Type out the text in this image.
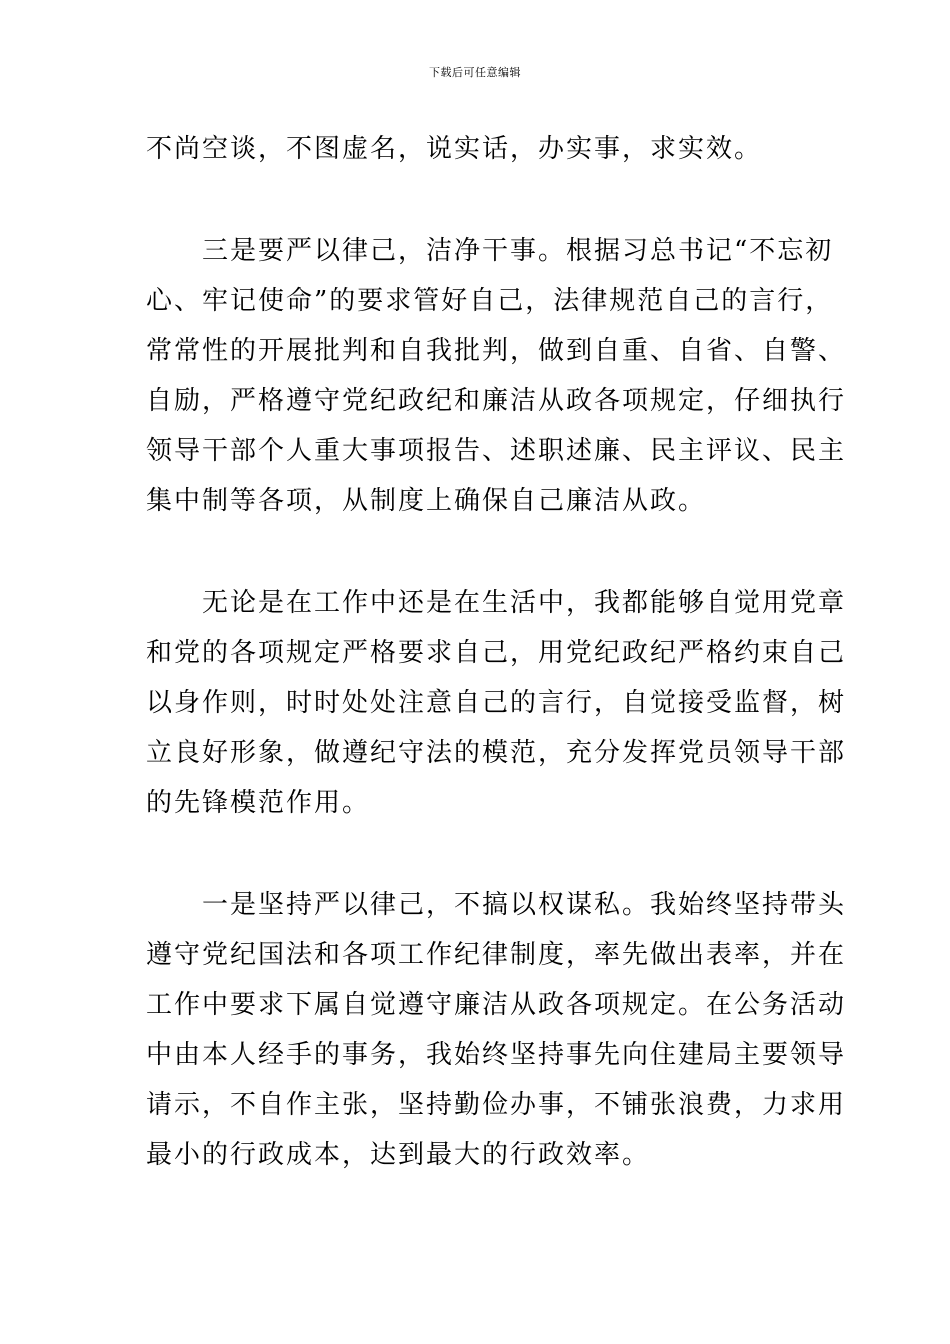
下载后可任意编辑

不尚空谈，不图虚名，说实话，办实事，求实效。

　　三是要严以律己，洁净干事。根据习总书记“不忘初
心、牢记使命”的要求管好自己，法律规范自己的言行，
常常性的开展批判和自我批判，做到自重、自省、自警、
自励，严格遵守党纪政纪和廉洁从政各项规定，仔细执行
领导干部个人重大事项报告、述职述廉、民主评议、民主
集中制等各项，从制度上确保自己廉洁从政。

　　无论是在工作中还是在生活中，我都能够自觉用党章
和党的各项规定严格要求自己，用党纪政纪严格约束自己
以身作则，时时处处注意自己的言行，自觉接受监督，树
立良好形象，做遵纪守法的模范，充分发挥党员领导干部
的先锋模范作用。

　　一是坚持严以律己，不搞以权谋私。我始终坚持带头
遵守党纪国法和各项工作纪律制度，率先做出表率，并在
工作中要求下属自觉遵守廉洁从政各项规定。在公务活动
中由本人经手的事务，我始终坚持事先向住建局主要领导
请示，不自作主张，坚持勤俭办事，不铺张浪费，力求用
最小的行政成本，达到最大的行政效率。
